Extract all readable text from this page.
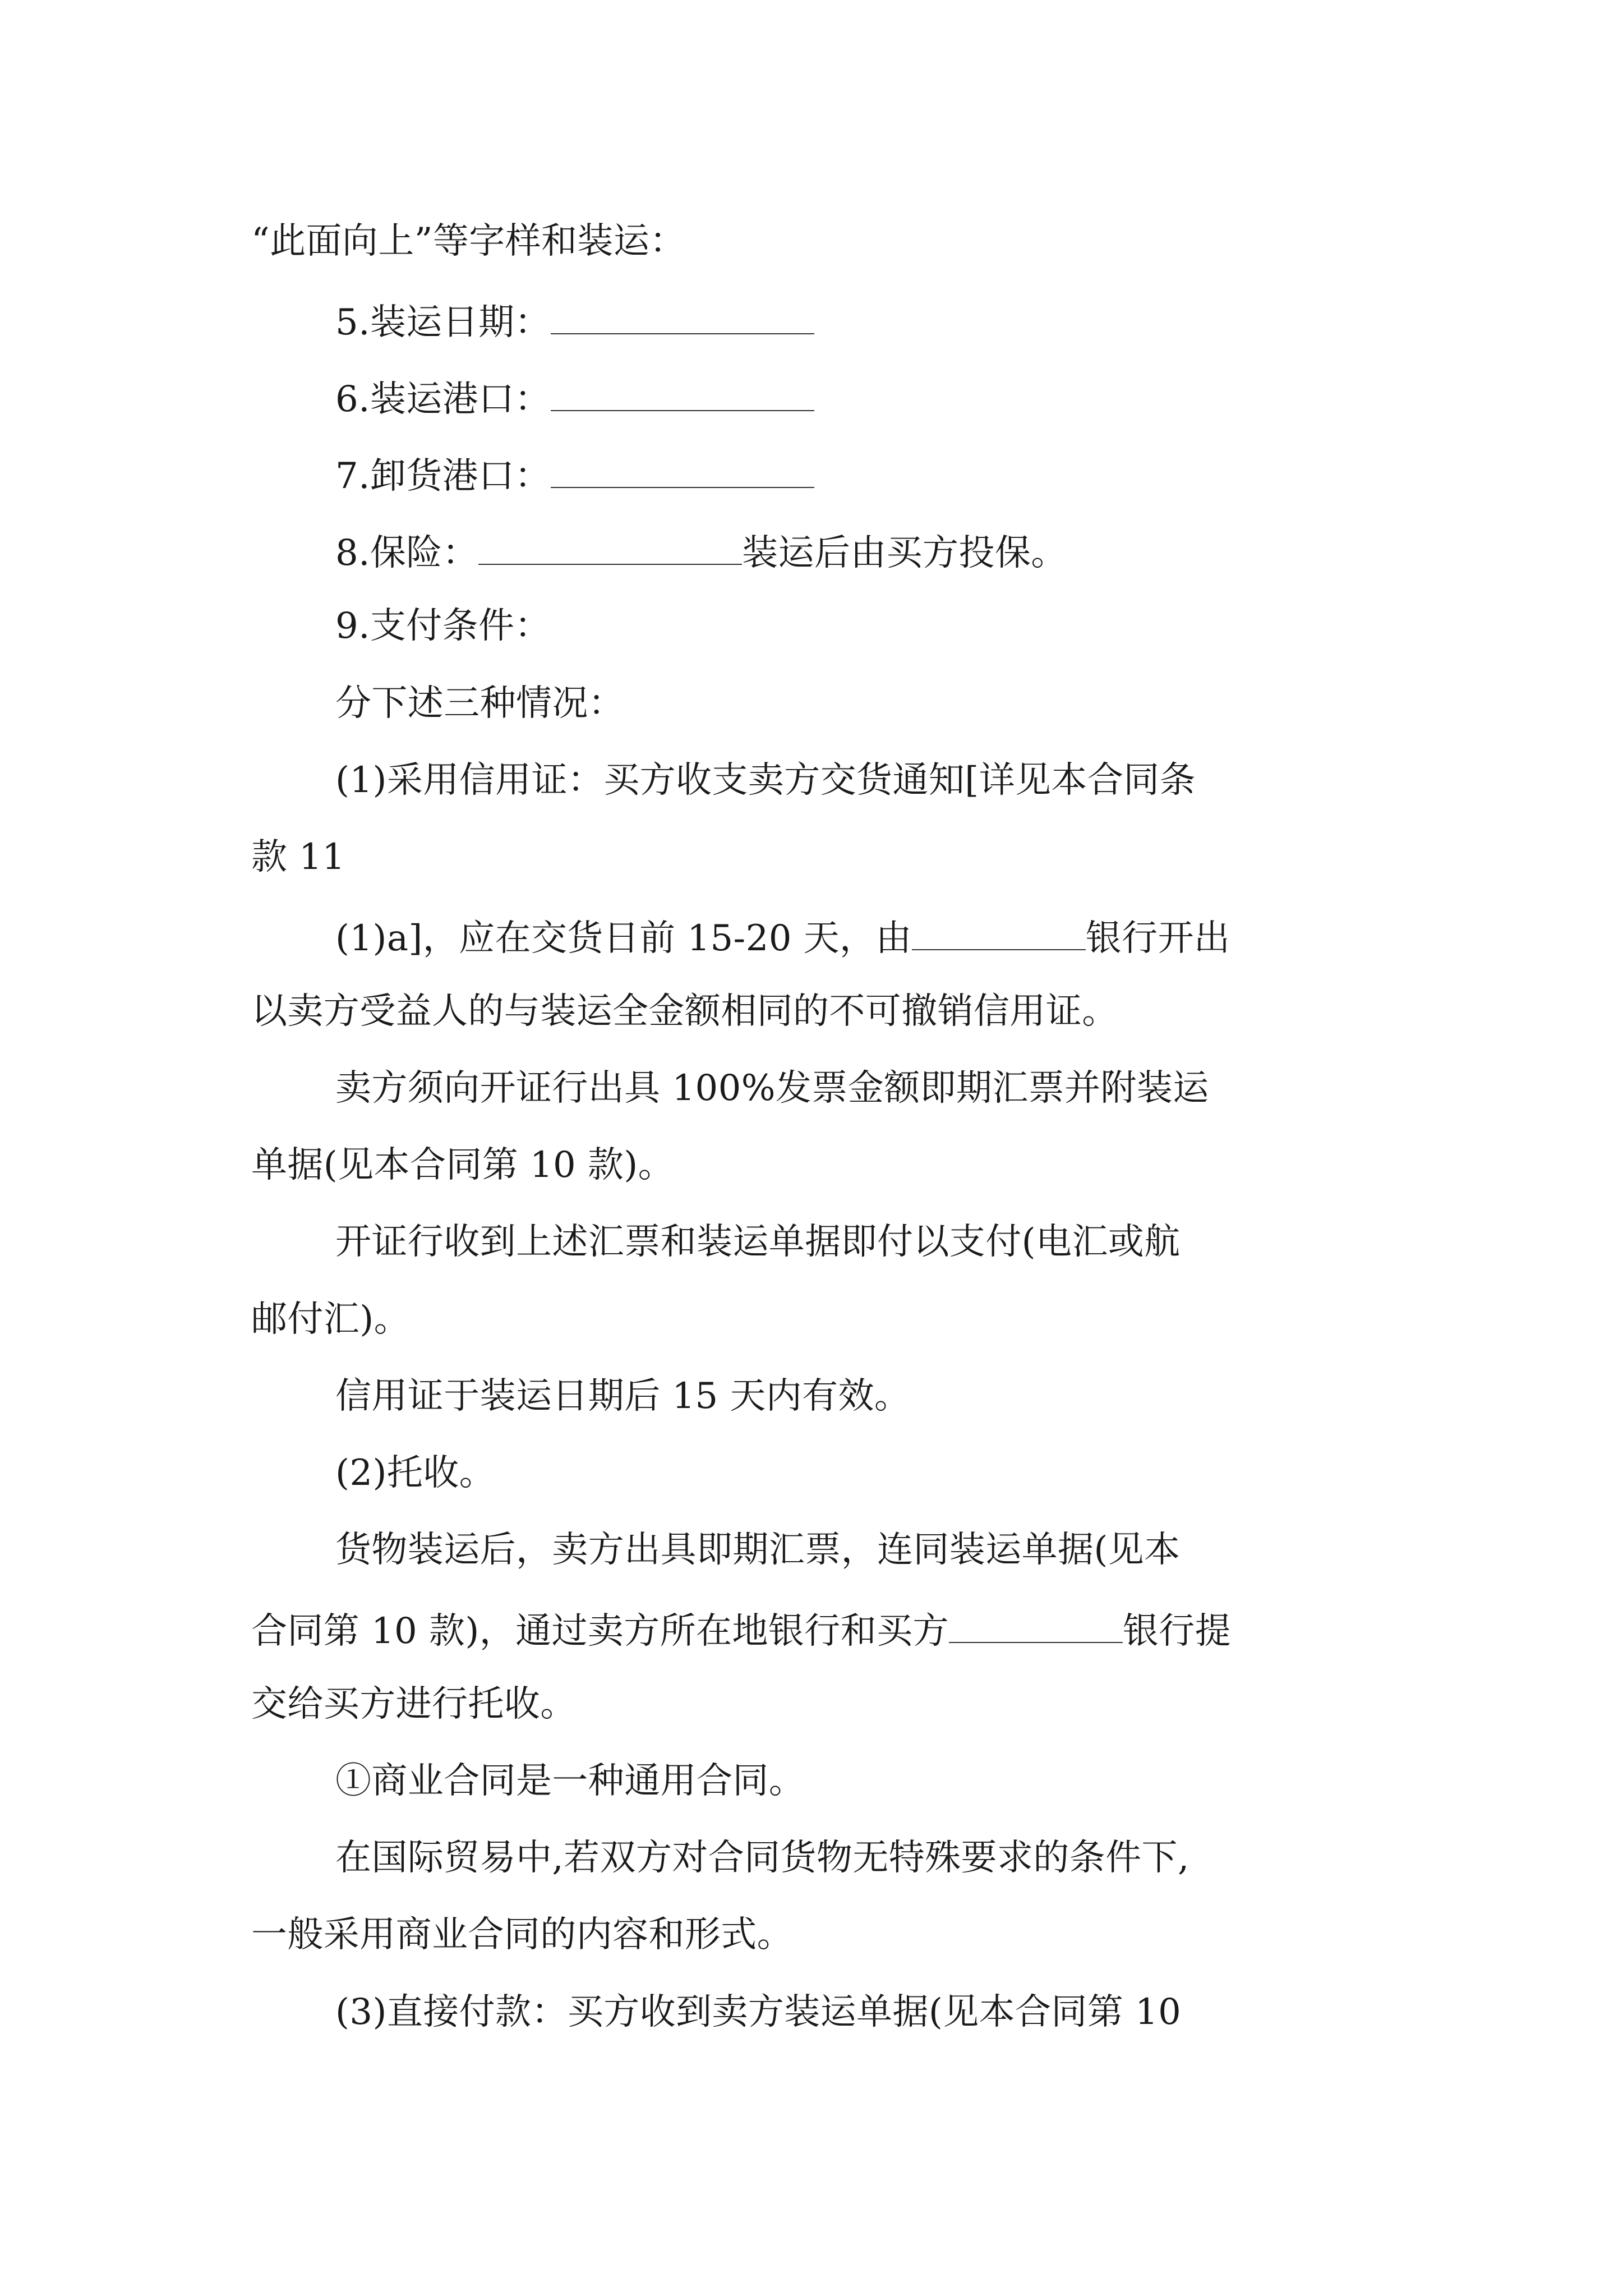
“此面向上”等字样和装运：
5.装运日期：
6.装运港口：
7.卸货港口：
8.保险：	装运后由买方投保。
9.支付条件：
分下述三种情况：
(1)采用信用证：买方收支卖方交货通知[详见本合同条
款 11
(1)a]，应在交货日前 15-20 天，由	银行开出
以卖方受益人的与装运全金额相同的不可撤销信用证。
卖方须向开证行出具 100%发票金额即期汇票并附装运
单据(见本合同第 10 款)。
开证行收到上述汇票和装运单据即付以支付(电汇或航
邮付汇)。
信用证于装运日期后 15 天内有效。
(2)托收。
货物装运后，卖方出具即期汇票，连同装运单据(见本
合同第 10 款)，通过卖方所在地银行和买方	银行提
交给买方进行托收。
①商业合同是一种通用合同。
在国际贸易中,若双方对合同货物无特殊要求的条件下,
一般采用商业合同的内容和形式。
(3)直接付款：买方收到卖方装运单据(见本合同第 10
